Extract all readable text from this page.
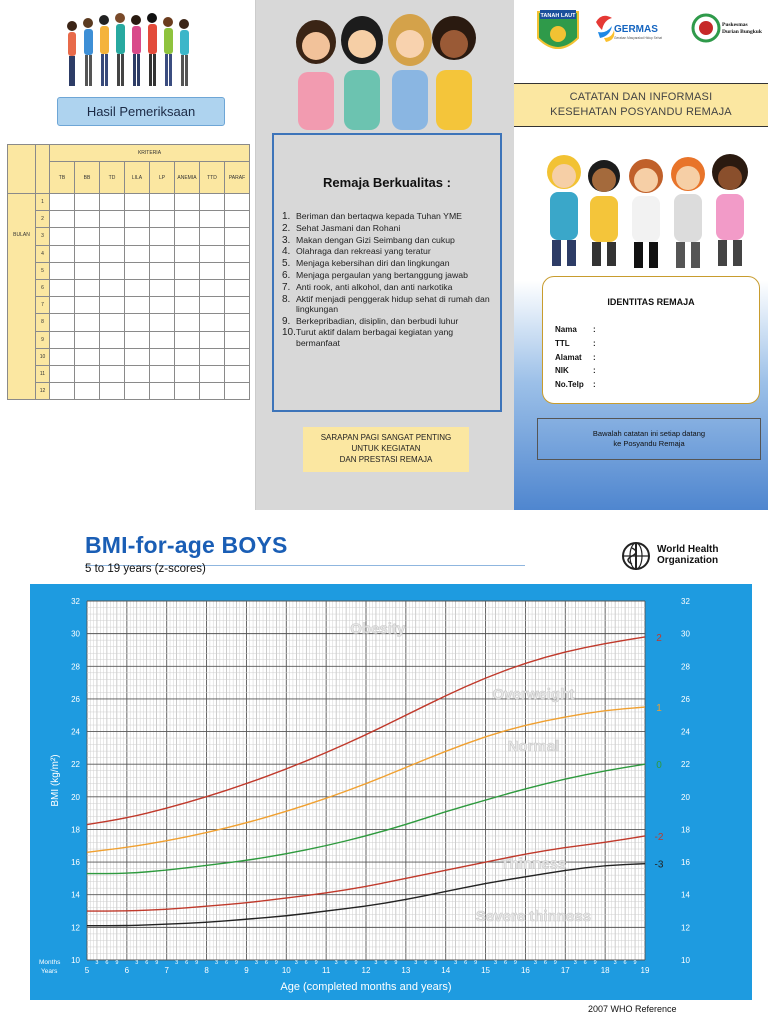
Hasil Pemeriksaan
		KRITERIA							
		TB	BB	TD	LILA	LP	ANEMIA	TTD	PARAF
BULAN	1								
	2								
	3								
	4								
	5								
	6								
	7								
	8								
	9								
	10								
	11								
	12								
Remaja Berkualitas :
1. Beriman dan bertaqwa kepada Tuhan YME
2. Sehat Jasmani dan Rohani
3. Makan dengan Gizi Seimbang dan cukup
4. Olahraga dan rekreasi yang teratur
5. Menjaga kebersihan diri dan lingkungan
6. Menjaga pergaulan yang bertanggung jawab
7. Anti rook, anti alkohol, dan anti narkotika
8. Aktif menjadi penggerak hidup sehat di rumah dan lingkungan
9. Berkepribadian, disiplin, dan berbudi luhur
10. Turut aktif dalam berbagai kegiatan yang bermanfaat
SARAPAN PAGI SANGAT PENTING
UNTUK KEGIATAN
DAN PRESTASI REMAJA
TANAH LAUT
GERMAS
Gerakan Masyarakat Hidup Sehat
Puskesmas
Durian Bungkuk
CATATAN DAN INFORMASI
KESEHATAN POSYANDU REMAJA
IDENTITAS REMAJA
Nama	:
TTL	:
Alamat	:
NIK	:
No.Telp	:
Bawalah catatan ini setiap datang
ke Posyandu Remaja
10	10
12	12
14	14
16	16
18	18
20	20
22	22
24	24
26	26
28	28
30	30
32	32
5	6	7	8	9	10	11	12	13	14	15	16	17	18	19
3 6 9	3 6 9	3 6 9	3 6 9	3 6 9	3 6 9	3 6 9	3 6 9	3 6 9	3 6 9	3 6 9	3 6 9	3 6 9	3 6 9
Months
Years
Age (completed months and years)
BMI (kg/m²)
Obesity
Overweight
Normal
Thinness
Severe thinness
2
1
0
-2
-3
BMI-for-age BOYS
5 to 19 years (z-scores)
World Health
Organization
2007 WHO Reference
